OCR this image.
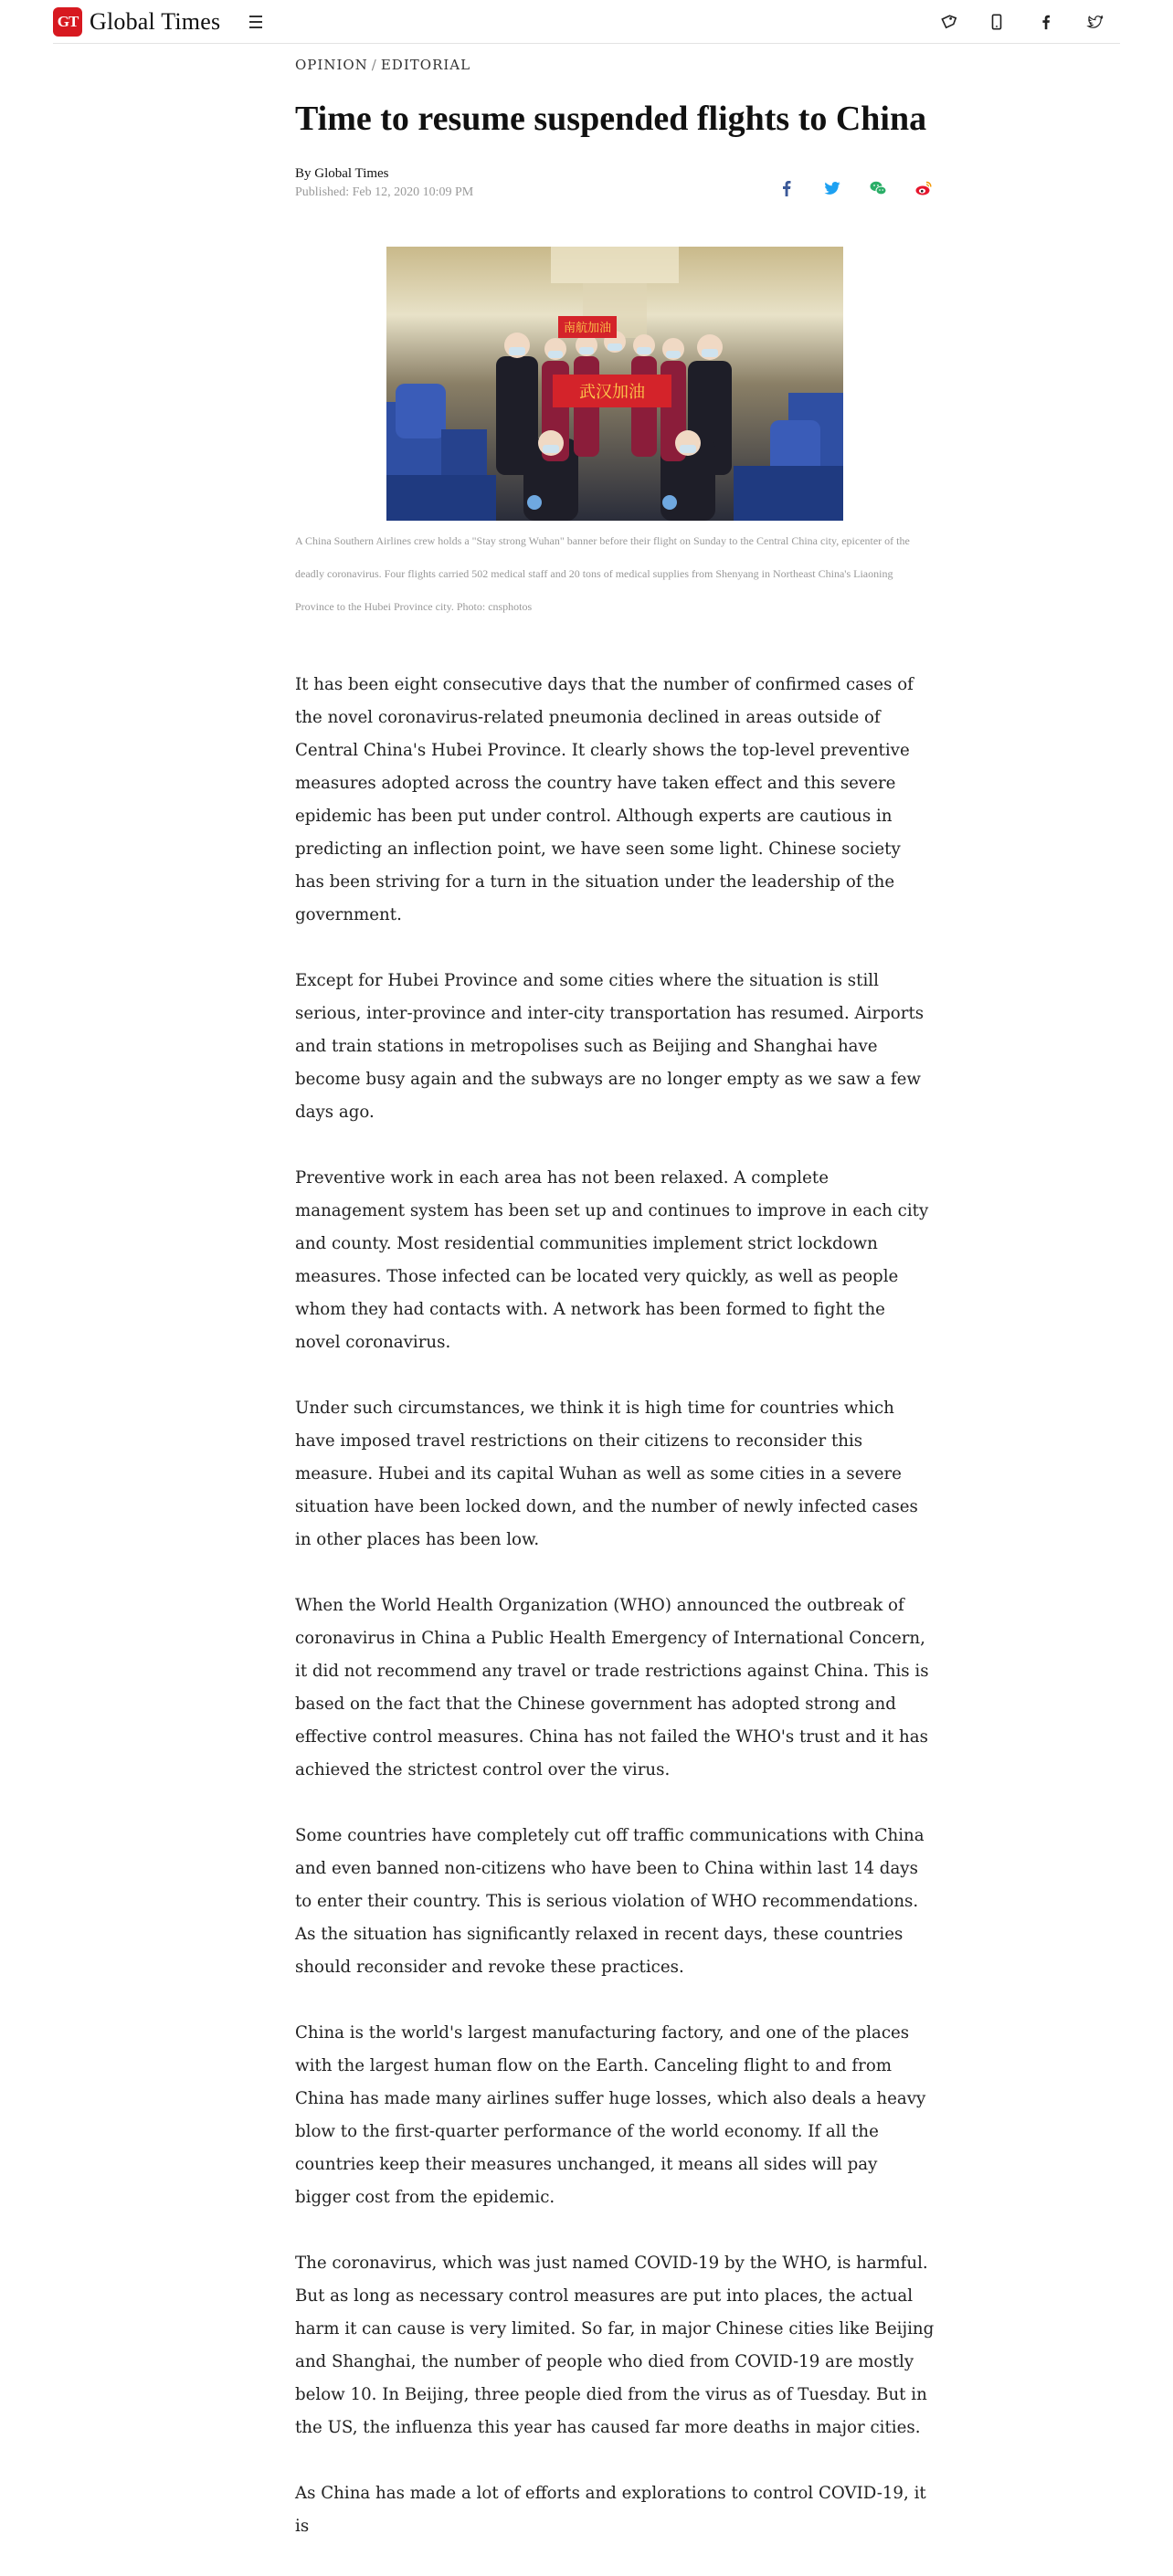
GT Global Times
OPINION / EDITORIAL
Time to resume suspended flights to China
By Global Times
Published: Feb 12, 2020 10:09 PM
南航加油
武汉加油
A China Southern Airlines crew holds a "Stay strong Wuhan" banner before their flight on Sunday to the Central China city, epicenter of the deadly coronavirus. Four flights carried 502 medical staff and 20 tons of medical supplies from Shenyang in Northeast China's Liaoning Province to the Hubei Province city. Photo: cnsphotos

It has been eight consecutive days that the number of confirmed cases of the novel coronavirus-related pneumonia declined in areas outside of Central China's Hubei Province. It clearly shows the top-level preventive measures adopted across the country have taken effect and this severe epidemic has been put under control. Although experts are cautious in predicting an inflection point, we have seen some light. Chinese society has been striving for a turn in the situation under the leadership of the government.

Except for Hubei Province and some cities where the situation is still serious, inter-province and inter-city transportation has resumed. Airports and train stations in metropolises such as Beijing and Shanghai have become busy again and the subways are no longer empty as we saw a few days ago.

Preventive work in each area has not been relaxed. A complete management system has been set up and continues to improve in each city and county. Most residential communities implement strict lockdown measures. Those infected can be located very quickly, as well as people whom they had contacts with. A network has been formed to fight the novel coronavirus.

Under such circumstances, we think it is high time for countries which have imposed travel restrictions on their citizens to reconsider this measure. Hubei and its capital Wuhan as well as some cities in a severe situation have been locked down, and the number of newly infected cases in other places has been low.

When the World Health Organization (WHO) announced the outbreak of coronavirus in China a Public Health Emergency of International Concern, it did not recommend any travel or trade restrictions against China. This is based on the fact that the Chinese government has adopted strong and effective control measures. China has not failed the WHO's trust and it has achieved the strictest control over the virus.

Some countries have completely cut off traffic communications with China and even banned non-citizens who have been to China within last 14 days to enter their country. This is serious violation of WHO recommendations. As the situation has significantly relaxed in recent days, these countries should reconsider and revoke these practices.

China is the world's largest manufacturing factory, and one of the places with the largest human flow on the Earth. Canceling flight to and from China has made many airlines suffer huge losses, which also deals a heavy blow to the first-quarter performance of the world economy. If all the countries keep their measures unchanged, it means all sides will pay bigger cost from the epidemic.

The coronavirus, which was just named COVID-19 by the WHO, is harmful. But as long as necessary control measures are put into places, the actual harm it can cause is very limited. So far, in major Chinese cities like Beijing and Shanghai, the number of people who died from COVID-19 are mostly below 10. In Beijing, three people died from the virus as of Tuesday. But in the US, the influenza this year has caused far more deaths in major cities.

As China has made a lot of efforts and explorations to control COVID-19, it is
